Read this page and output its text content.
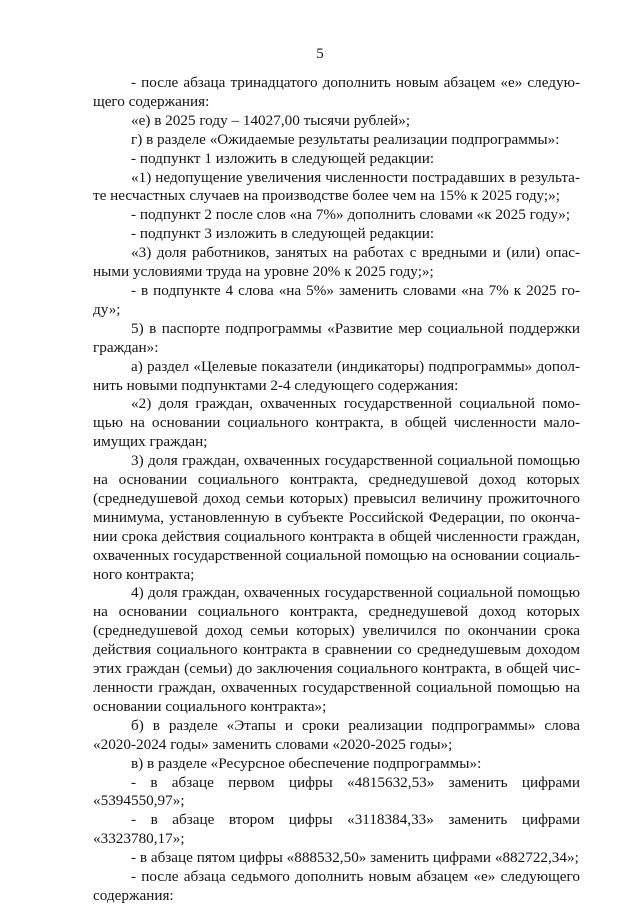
5

- после абзаца тринадцатого дополнить новым абзацем «е» следующего содержания:

«е) в 2025 году – 14027,00 тысячи рублей»;

г) в разделе «Ожидаемые результаты реализации подпрограммы»:

- подпункт 1 изложить в следующей редакции:

«1) недопущение увеличения численности пострадавших в результате несчастных случаев на производстве более чем на 15% к 2025 году;»;

- подпункт 2 после слов «на 7%» дополнить словами «к 2025 году»;

- подпункт 3 изложить в следующей редакции:

«3) доля работников, занятых на работах с вредными и (или) опасными условиями труда на уровне 20% к 2025 году;»;

- в подпункте 4 слова «на 5%» заменить словами «на 7% к 2025 году»;

5) в паспорте подпрограммы «Развитие мер социальной поддержки граждан»:

а) раздел «Целевые показатели (индикаторы) подпрограммы» дополнить новыми подпунктами 2-4 следующего содержания:

«2) доля граждан, охваченных государственной социальной помощью на основании социального контракта, в общей численности малоимущих граждан;

3) доля граждан, охваченных государственной социальной помощью на основании социального контракта, среднедушевой доход которых (среднедушевой доход семьи которых) превысил величину прожиточного минимума, установленную в субъекте Российской Федерации, по окончании срока действия социального контракта в общей численности граждан, охваченных государственной социальной помощью на основании социального контракта;

4) доля граждан, охваченных государственной социальной помощью на основании социального контракта, среднедушевой доход которых (среднедушевой доход семьи которых) увеличился по окончании срока действия социального контракта в сравнении со среднедушевым доходом этих граждан (семьи) до заключения социального контракта, в общей численности граждан, охваченных государственной социальной помощью на основании социального контракта»;

б) в разделе «Этапы и сроки реализации подпрограммы» слова «2020-2024 годы» заменить словами «2020-2025 годы»;

в) в разделе «Ресурсное обеспечение подпрограммы»:

- в абзаце первом цифры «4815632,53» заменить цифрами «5394550,97»;

- в абзаце втором цифры «3118384,33» заменить цифрами «3323780,17»;

- в абзаце пятом цифры «888532,50» заменить цифрами «882722,34»;

- после абзаца седьмого дополнить новым абзацем «е» следующего содержания:
